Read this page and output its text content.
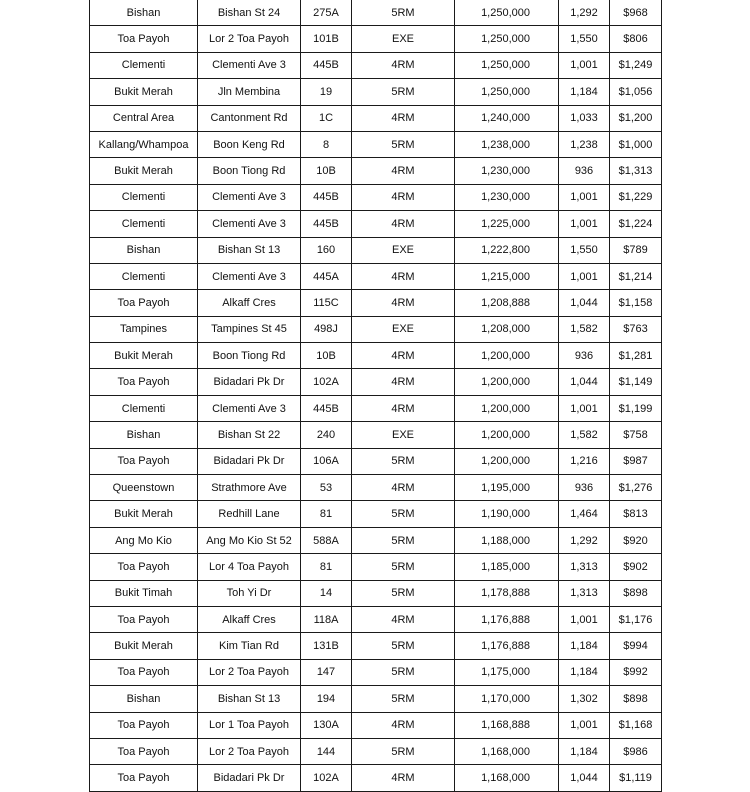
Bishan	Bishan St 24	275A	5RM	1,250,000	1,292	$968
Toa Payoh	Lor 2 Toa Payoh	101B	EXE	1,250,000	1,550	$806
Clementi	Clementi Ave 3	445B	4RM	1,250,000	1,001	$1,249
Bukit Merah	Jln Membina	19	5RM	1,250,000	1,184	$1,056
Central Area	Cantonment Rd	1C	4RM	1,240,000	1,033	$1,200
Kallang/Whampoa	Boon Keng Rd	8	5RM	1,238,000	1,238	$1,000
Bukit Merah	Boon Tiong Rd	10B	4RM	1,230,000	936	$1,313
Clementi	Clementi Ave 3	445B	4RM	1,230,000	1,001	$1,229
Clementi	Clementi Ave 3	445B	4RM	1,225,000	1,001	$1,224
Bishan	Bishan St 13	160	EXE	1,222,800	1,550	$789
Clementi	Clementi Ave 3	445A	4RM	1,215,000	1,001	$1,214
Toa Payoh	Alkaff Cres	115C	4RM	1,208,888	1,044	$1,158
Tampines	Tampines St 45	498J	EXE	1,208,000	1,582	$763
Bukit Merah	Boon Tiong Rd	10B	4RM	1,200,000	936	$1,281
Toa Payoh	Bidadari Pk Dr	102A	4RM	1,200,000	1,044	$1,149
Clementi	Clementi Ave 3	445B	4RM	1,200,000	1,001	$1,199
Bishan	Bishan St 22	240	EXE	1,200,000	1,582	$758
Toa Payoh	Bidadari Pk Dr	106A	5RM	1,200,000	1,216	$987
Queenstown	Strathmore Ave	53	4RM	1,195,000	936	$1,276
Bukit Merah	Redhill Lane	81	5RM	1,190,000	1,464	$813
Ang Mo Kio	Ang Mo Kio St 52	588A	5RM	1,188,000	1,292	$920
Toa Payoh	Lor 4 Toa Payoh	81	5RM	1,185,000	1,313	$902
Bukit Timah	Toh Yi Dr	14	5RM	1,178,888	1,313	$898
Toa Payoh	Alkaff Cres	118A	4RM	1,176,888	1,001	$1,176
Bukit Merah	Kim Tian Rd	131B	5RM	1,176,888	1,184	$994
Toa Payoh	Lor 2 Toa Payoh	147	5RM	1,175,000	1,184	$992
Bishan	Bishan St 13	194	5RM	1,170,000	1,302	$898
Toa Payoh	Lor 1 Toa Payoh	130A	4RM	1,168,888	1,001	$1,168
Toa Payoh	Lor 2 Toa Payoh	144	5RM	1,168,000	1,184	$986
Toa Payoh	Bidadari Pk Dr	102A	4RM	1,168,000	1,044	$1,119
